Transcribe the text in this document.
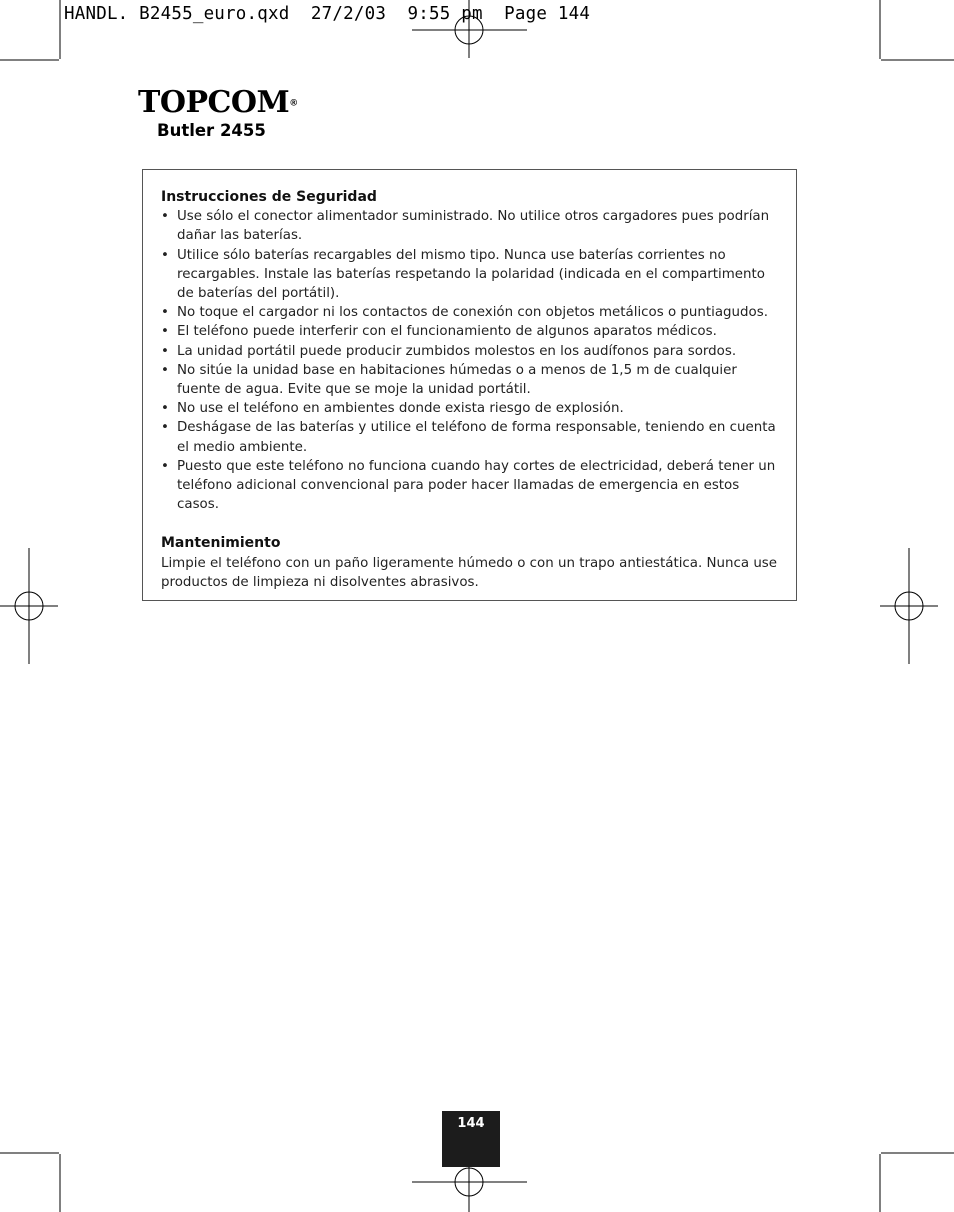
HANDL. B2455_euro.qxd  27/2/03  9:55 pm  Page 144
TOPCOM®
Butler 2455
Instrucciones de Seguridad
• Use sólo el conector alimentador suministrado. No utilice otros cargadores pues podrían dañar las baterías.
• Utilice sólo baterías recargables del mismo tipo. Nunca use baterías corrientes no recargables. Instale las baterías respetando la polaridad (indicada en el compartimento de baterías del portátil).
• No toque el cargador ni los contactos de conexión con objetos metálicos o puntiagudos.
• El teléfono puede interferir con el funcionamiento de algunos aparatos médicos.
• La unidad portátil puede producir zumbidos molestos en los audífonos para sordos.
• No sitúe la unidad base en habitaciones húmedas o a menos de 1,5 m de cualquier fuente de agua. Evite que se moje la unidad portátil.
• No use el teléfono en ambientes donde exista riesgo de explosión.
• Deshágase de las baterías y utilice el teléfono de forma responsable, teniendo en cuenta el medio ambiente.
• Puesto que este teléfono no funciona cuando hay cortes de electricidad, deberá tener un teléfono adicional convencional para poder hacer llamadas de emergencia en estos casos.
Mantenimiento
Limpie el teléfono con un paño ligeramente húmedo o con un trapo antiestática. Nunca use productos de limpieza ni disolventes abrasivos.
144
